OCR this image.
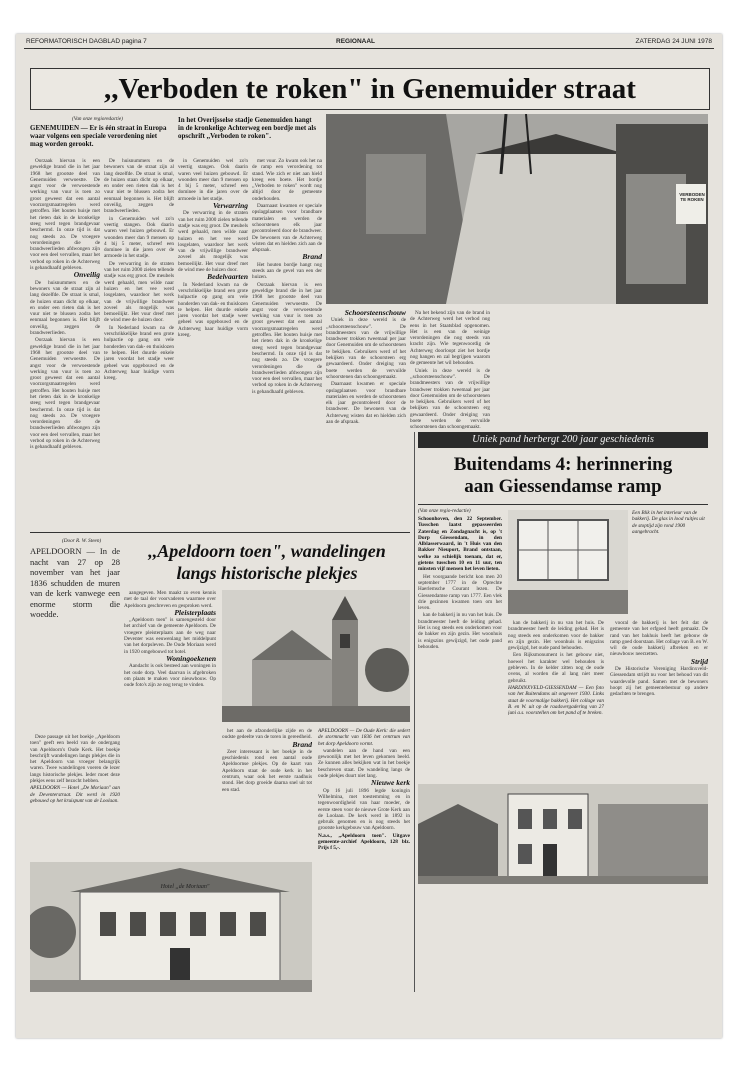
REFORMATORISCH DAGBLAD pagina 7	REGIONAAL	ZATERDAG 24 JUNI 1978
,,Verboden te roken" in Genemuider straat
(Van onze regioredactie)
GENEMUIDEN — Er is één straat in Europa waar volgens een speciale verordening niet mag worden gerookt.
In het Overijsselse stadje Genemuiden hangt in de kronkelige Achterweg een bordje met als opschrift ,,Verboden te roken".

Oorzaak hiervan is een geweldige brand die in het jaar 1968 het grootste deel van Genemuiden verwoestte. De angst voor de verwoestende werking van vuur is toen zo groot geweest dat een aantal voorzorgsmaatregelen werd getroffen. Het houten huisje met het rieten dak in de kronkelige steeg werd tegen brandgevaar beschermd. In onze tijd is dat nog steeds zo. De vroegere verordeningen die de brandweerlieden afdwongen zijn voor een deel vervallen, maar het verbod op roken in de Achterweg is gehandhaafd gebleven.

Onveilig

De huisnummers en de bewoners van de straat zijn al lang dezelfde. De straat is smal, de huizen staan dicht op elkaar, en onder een rieten dak is het vuur niet te blussen zodra het eenmaal begonnen is. Het blijft onveilig, zeggen de brandweerlieden.

Oorzaak hiervan is een geweldige brand die in het jaar 1968 het grootste deel van Genemuiden verwoestte. De angst voor de verwoestende werking van vuur is toen zo groot geweest dat een aantal voorzorgsmaatregelen werd getroffen. Het houten huisje met het rieten dak in de kronkelige steeg werd tegen brandgevaar beschermd. In onze tijd is dat nog steeds zo. De vroegere verordeningen die de brandweerlieden afdwongen zijn voor een deel vervallen, maar het verbod op roken in de Achterweg is gehandhaafd gebleven.

De huisnummers en de bewoners van de straat zijn al lang dezelfde. De straat is smal, de huizen staan dicht op elkaar, en onder een rieten dak is het vuur niet te blussen zodra het eenmaal begonnen is. Het blijft onveilig, zeggen de brandweerlieden.

in Genemuiden wel zo'n veertig stangen. Ook daarin waren veel huizen gebouwd. Er woonden meer dan 9 mensen op 4 bij 5 meter, schreef een dominee in die jaren over de armoede in het stadje.

De verwarring in de straten van het ruim 2000 zielen tellende stadje was erg groot. De meubels werd gehaald, men wilde naar huizen en het vee werd losgelaten, waardoor het werk van de vrijwillige brandweer zoveel als mogelijk was bemoeilijkt. Het vuur dreef met de wind mee de huizen door.

In Nederland kwam na de verschrikkelijke brand een grote hulpactie op gang om vele honderden van dak- en thuislozen te helpen. Het duurde enkele jaren voordat het stadje weer geheel was opgebouwd en de Achterweg haar huidige vorm kreeg.

in Genemuiden wel zo'n veertig stangen. Ook daarin waren veel huizen gebouwd. Er woonden meer dan 9 mensen op 4 bij 5 meter, schreef een dominee in die jaren over de armoede in het stadje.

Verwarring

De verwarring in de straten van het ruim 2000 zielen tellende stadje was erg groot. De meubels werd gehaald, men wilde naar huizen en het vee werd losgelaten, waardoor het werk van de vrijwillige brandweer zoveel als mogelijk was bemoeilijkt. Het vuur dreef met de wind mee de huizen door.

Bedelvaarten

In Nederland kwam na de verschrikkelijke brand een grote hulpactie op gang om vele honderden van dak- en thuislozen te helpen. Het duurde enkele jaren voordat het stadje weer geheel was opgebouwd en de Achterweg haar huidige vorm kreeg.

met vuur. Zo kwam ook het na de ramp een verordening tot stand. Wie zich er niet aan hield kreeg een boete. Het bordje ,,Verboden te roken" wordt nog altijd door de gemeente onderhouden.

Daarnaast kwamen er speciale opslagplaatsen voor brandbare materialen en werden de schoorstenen elk jaar gecontroleerd door de brandweer. De bewoners van de Achterweg wisten dat en hielden zich aan de afspraak.

Brand

Het houten bordje hangt nog steeds aan de gevel van een der huizen.

Oorzaak hiervan is een geweldige brand die in het jaar 1968 het grootste deel van Genemuiden verwoestte. De angst voor de verwoestende werking van vuur is toen zo groot geweest dat een aantal voorzorgsmaatregelen werd getroffen. Het houten huisje met het rieten dak in de kronkelige steeg werd tegen brandgevaar beschermd. In onze tijd is dat nog steeds zo. De vroegere verordeningen die de brandweerlieden afdwongen zijn voor een deel vervallen, maar het verbod op roken in de Achterweg is gehandhaafd gebleven.

Schoorsteenschouw

Uniek in deze wereld is de ,,schoorsteenschouw". De brandmeesters van de vrijwillige brandweer trokken tweemaal per jaar door Genemuiden om de schoorstenen te bekijken. Gebruikers werd of het bekijken van de schoorsteen erg gewaardeerd. Onder dreiging van boete werden de vervuilde schoorstenen dan schoongemaakt.

Daarnaast kwamen er speciale opslagplaatsen voor brandbare materialen en werden de schoorstenen elk jaar gecontroleerd door de brandweer. De bewoners van de Achterweg wisten dat en hielden zich aan de afspraak.

Na het bekend zijn van de brand in de Achterweg werd het verbod nog eens in het Staatsblad opgenomen. Het is een van de weinige verordeningen die nog steeds van kracht zijn. Wie tegenwoordig de Achterweg doorloopt ziet het bordje nog hangen en zal begrijpen waarom de gemeente het wil behouden.

Uniek in deze wereld is de ,,schoorsteenschouw". De brandmeesters van de vrijwillige brandweer trokken tweemaal per jaar door Genemuiden om de schoorstenen te bekijken. Gebruikers werd of het bekijken van de schoorsteen erg gewaardeerd. Onder dreiging van boete werden de vervuilde schoorstenen dan schoongemaakt.

VERBODEN TE ROKEN
Uniek pand herbergt 200 jaar geschiedenis
Buitendams 4: herinnering
aan Giessendamse ramp
(Van onze regio-redactie)

Schoonhoven, den 22 September. Tusschen laatst gepasseerden Zaterdag en Zondagnacht is, op 't Dorp Giessendam, in den Alblasserwaard, in 't Huis van den Bakker Nieuport, Brand ontstaan, welke zo schielijk toenam, dat er, gietens tusschen 10 en 11 uur, ten minsten vijf mensen het leven lieten.

Het voorgaande bericht kon men 20 september 1777 in de Oprechte Haerlemsche Courant lezen. De Giessendamse ramp van 1777. Een vlek drie gezinnen kwamen toen om het leven.

kan de bakkerij in nu van het huis. De brandmeester heeft de leiding gehad. Het is nog steeds een onderkomen voor de bakker en zijn gezin. Het woonhuis is enigszins gewijzigd, het oude pand behouden.

Een Blik in het interieur van de bakkerij. De glas in lood ruitjes uit de stoptijd zijn rond 1900 aangebracht.

kan de bakkerij in nu van het huis. De brandmeester heeft de leiding gehad. Het is nog steeds een onderkomen voor de bakker en zijn gezin. Het woonhuis is enigszins gewijzigd, het oude pand behouden.

Een Rijksmonument is het gebouw niet, hoewel het karakter wel behouden is gebleven. In de kelder zitten nog de oude ovens, al worden die al lang niet meer gebruikt.

HARDINXVELD-GIESSENDAM — Een foto van het Buitendams uit ongeveer 1930. Links staat de voormalige bakkerij. Het collage van B. en W. uit op de raadsvergadering van 27 juni a.s. voorstellen om het pand af te breken.

vooral de bakkerij is het feit dat de gemeente van het erfgoed heeft gemaakt. De rand van het bakhuis heeft het gebouw de ramp goed doorstaan. Het collage van B. en W. wil de oude bakkerij afbreken en er nieuwbouw neerzetten.

Strijd

De Historische Vereniging Hardinxveld-Giessendam strijdt nu voor het behoud van dit waardevolle pand. Samen met de bewoners hoopt zij het gemeentebestuur op andere gedachten te brengen.

(Door R. W. Steen)
APELDOORN — In de nacht van 27 op 28 november van het jaar 1836 schudden de muren van de kerk vanwege een enorme storm die woedde.
,,Apeldoorn toen", wandelingen
langs historische plekjes

Deze passage uit het boekje ,,Apeldoorn toen" geeft een beeld van de ondergang van Apeldoorn's Oude Kerk. Het boekje beschrijft wandelingen langs plekjes die in het Apeldoorn van vroeger belangrijk waren. Twee wandelingen voeren de lezer langs historische plekjes. Ieder moet deze plekjes eens zelf bezocht hebben.

APELDOORN — Hotel ,,De Moriaan" aan de Deventerstraat. Dit werd in 1920 gebouwd op het kruispunt van de Loolaan.

aangegeven. Men maakt zo even kennis met de taal der voorvaderen waarmee over Apeldoorn geschreven en gesproken werd.

Pleisterplaats

,,Apeldoorn toen" is samengesteld door het archief van de gemeente Apeldoorn. De vroegere pleisterplaats aan de weg naar Deventer was eeuwenlang het middelpunt van het dorpsleven. De Oude Moriaan werd in 1920 omgebouwd tot hotel.

Woningoekenen

Aandacht is ook besteed aan woningen in het oude dorp. Veel daarvan is afgebroken om plaats te maken voor nieuwbouw. Op oude foto's zijn ze nog terug te vinden.

het aan de afzonderlijke zijde en de oudste gedeelte van de toren in gereedheid.

Brand

Zeer interessant is het boekje in de geschiedenis rond een aantal oude Apeldoornse plekjes. Op de kaart van Apeldoorn staat de oude kerk in het centrum, waar ook het eerste raadhuis stond. Het dorp groeide daarna snel uit tot een stad.

APELDOORN — De Oude Kerk: die sedert de stormnacht van 1836 het centrum van het dorp Apeldoorn vormt.

wandelen aan de hand van een gewoonlijk met het leven gekomen beeld. Ze kunnen alles bekijken wat in het boekje beschreven staat. De wandeling langs de oude plekjes duurt niet lang.

Nieuwe kerk

Op 16 juli 1896 legde koningin Wilhelmina, met toestemming en in tegenwoordigheid van haar moeder, de eerste steen voor de nieuwe Grote Kerk aan de Loolaan. De kerk werd in 1892 in gebruik genomen en is nog steeds het grootste kerkgebouw van Apeldoorn.

N.a.s., ,,Apeldoorn toen". Uitgave gemeente-archief Apeldoorn, 128 blz. Prijs f 5,-.

Hotel „de Moriaan"
